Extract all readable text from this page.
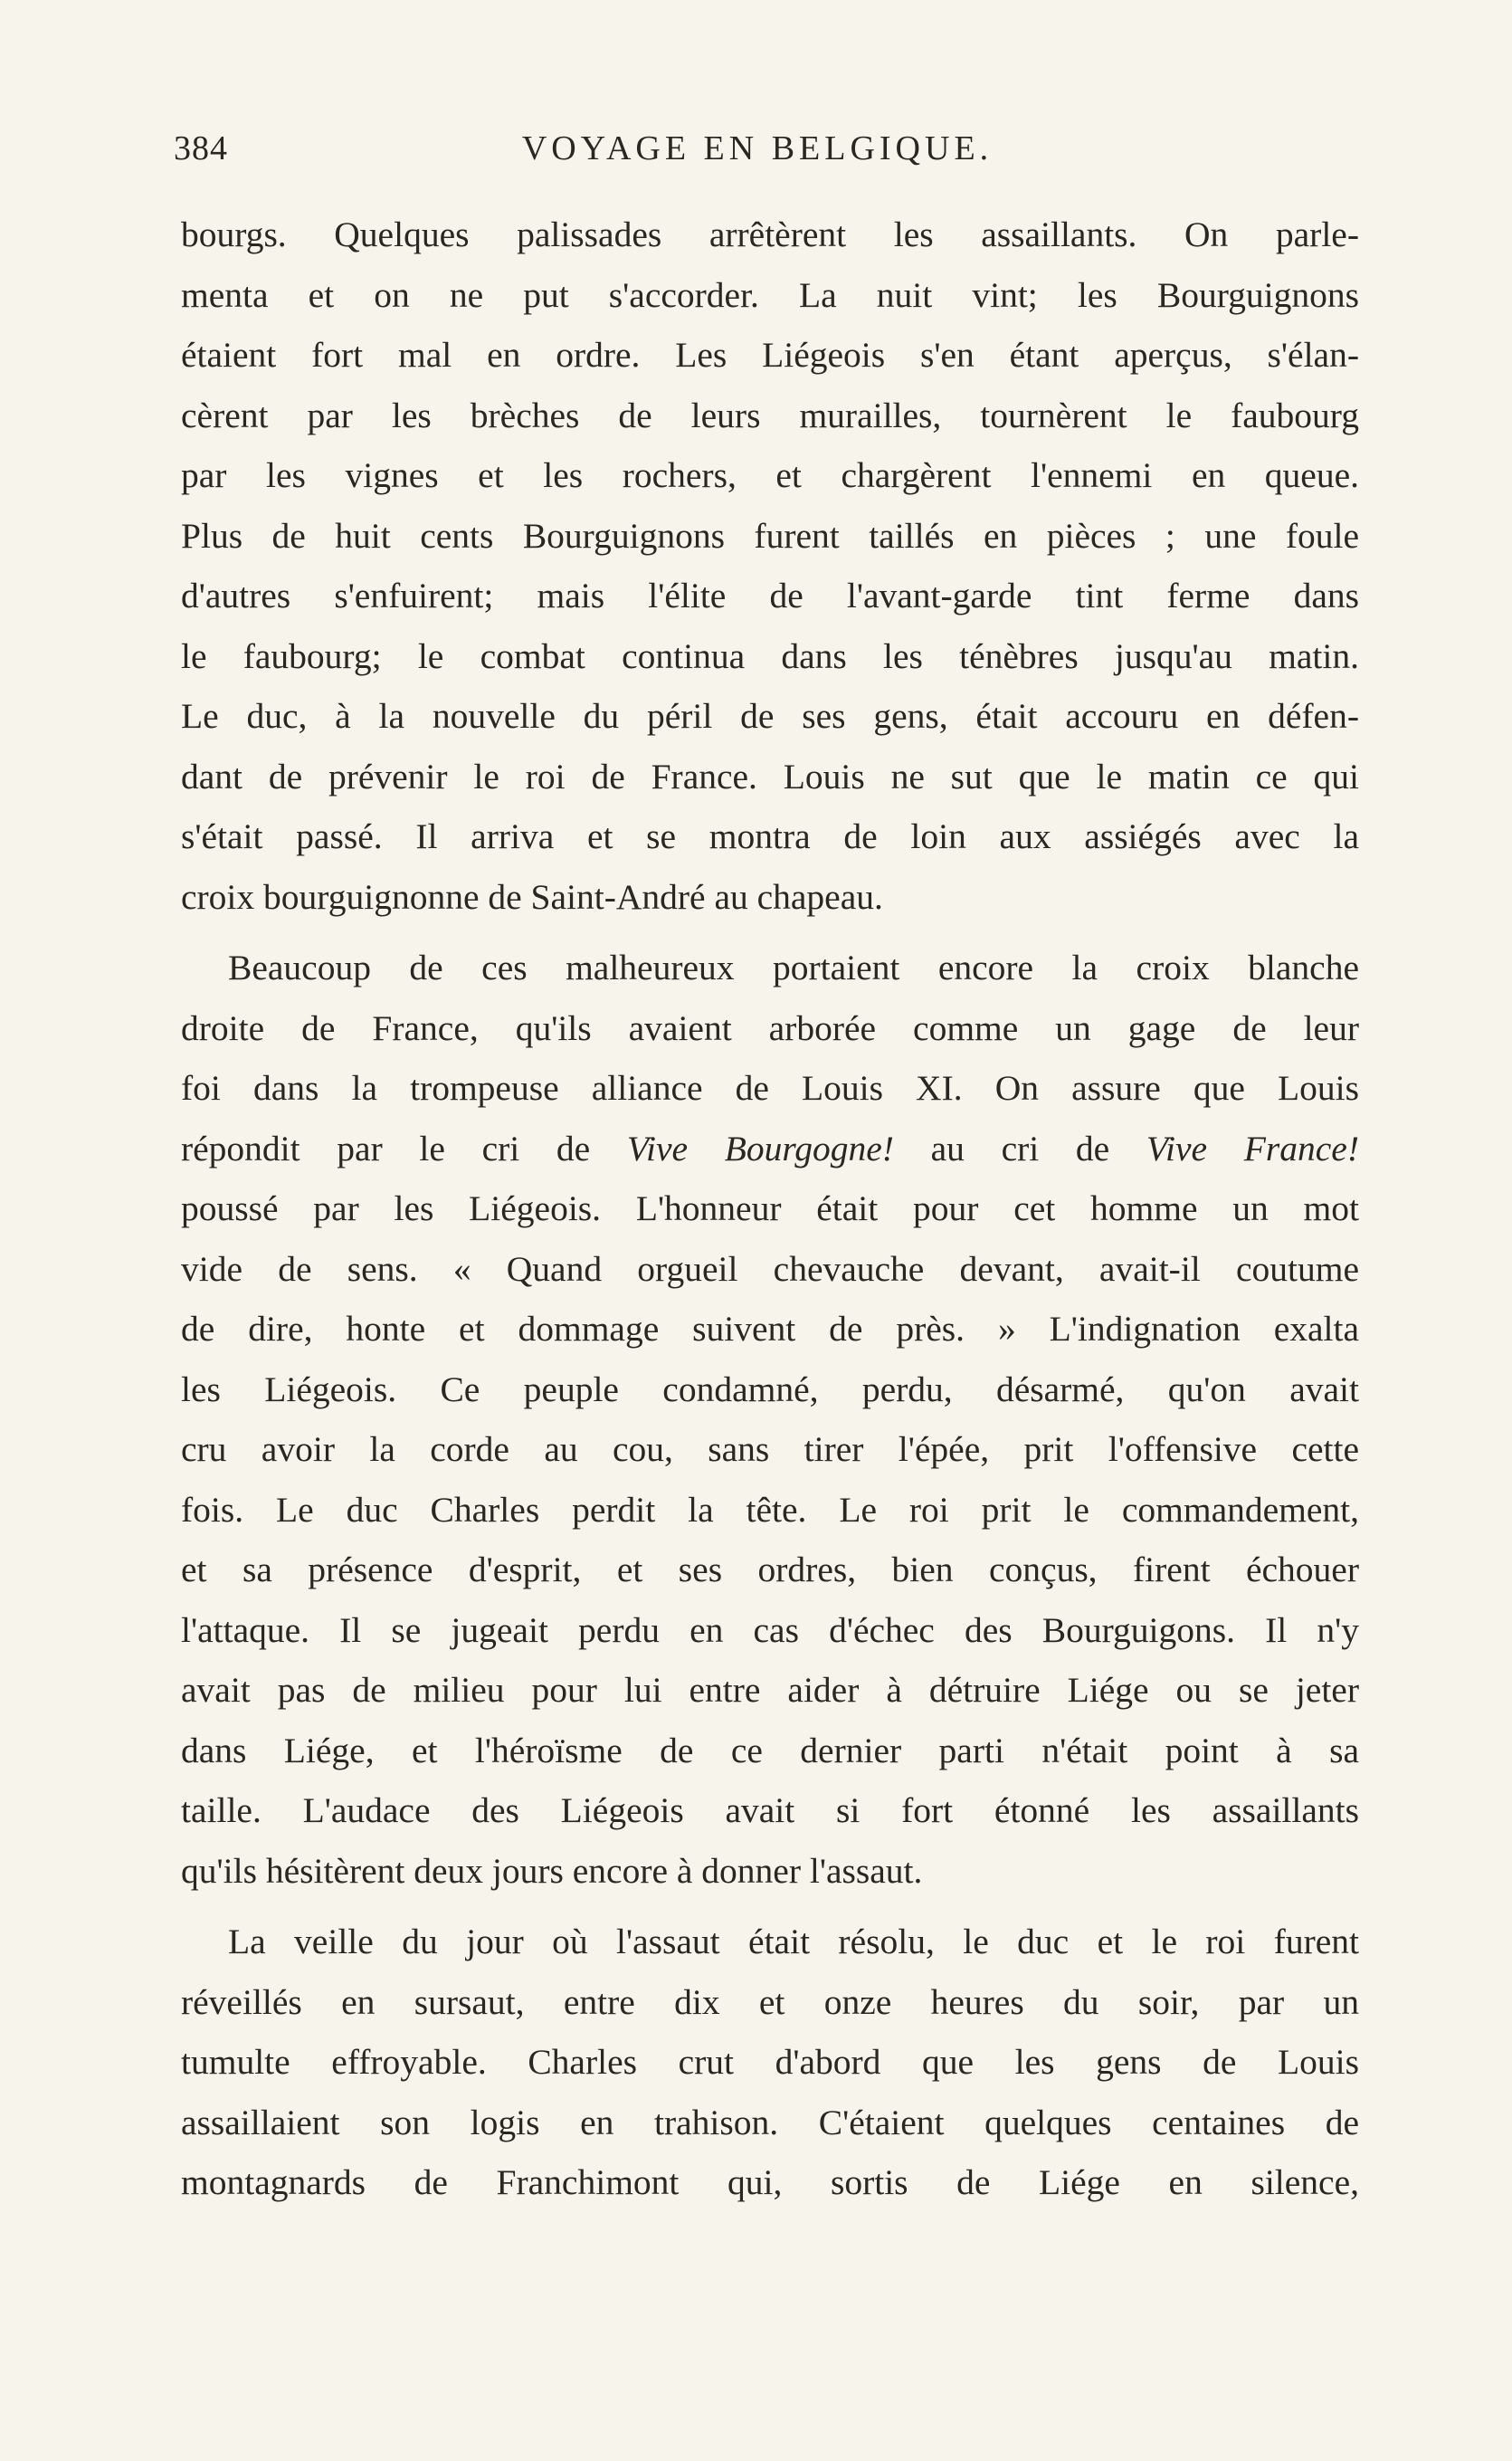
384	VOYAGE EN BELGIQUE.

bourgs. Quelques palissades arrêtèrent les assaillants. On parle-
menta et on ne put s'accorder. La nuit vint; les Bourguignons
étaient fort mal en ordre. Les Liégeois s'en étant aperçus, s'élan-
cèrent par les brèches de leurs murailles, tournèrent le faubourg
par les vignes et les rochers, et chargèrent l'ennemi en queue.
Plus de huit cents Bourguignons furent taillés en pièces ; une foule
d'autres s'enfuirent; mais l'élite de l'avant-garde tint ferme dans
le faubourg; le combat continua dans les ténèbres jusqu'au matin.
Le duc, à la nouvelle du péril de ses gens, était accouru en défen-
dant de prévenir le roi de France. Louis ne sut que le matin ce qui
s'était passé. Il arriva et se montra de loin aux assiégés avec la
croix bourguignonne de Saint-André au chapeau.

Beaucoup de ces malheureux portaient encore la croix blanche
droite de France, qu'ils avaient arborée comme un gage de leur
foi dans la trompeuse alliance de Louis XI. On assure que Louis
répondit par le cri de Vive Bourgogne! au cri de Vive France!
poussé par les Liégeois. L'honneur était pour cet homme un mot
vide de sens. « Quand orgueil chevauche devant, avait-il coutume
de dire, honte et dommage suivent de près. » L'indignation exalta
les Liégeois. Ce peuple condamné, perdu, désarmé, qu'on avait
cru avoir la corde au cou, sans tirer l'épée, prit l'offensive cette
fois. Le duc Charles perdit la tête. Le roi prit le commandement,
et sa présence d'esprit, et ses ordres, bien conçus, firent échouer
l'attaque. Il se jugeait perdu en cas d'échec des Bourguigons. Il n'y
avait pas de milieu pour lui entre aider à détruire Liége ou se jeter
dans Liége, et l'héroïsme de ce dernier parti n'était point à sa
taille. L'audace des Liégeois avait si fort étonné les assaillants
qu'ils hésitèrent deux jours encore à donner l'assaut.

La veille du jour où l'assaut était résolu, le duc et le roi furent
réveillés en sursaut, entre dix et onze heures du soir, par un
tumulte effroyable. Charles crut d'abord que les gens de Louis
assaillaient son logis en trahison. C'étaient quelques centaines de
montagnards de Franchimont qui, sortis de Liége en silence,
